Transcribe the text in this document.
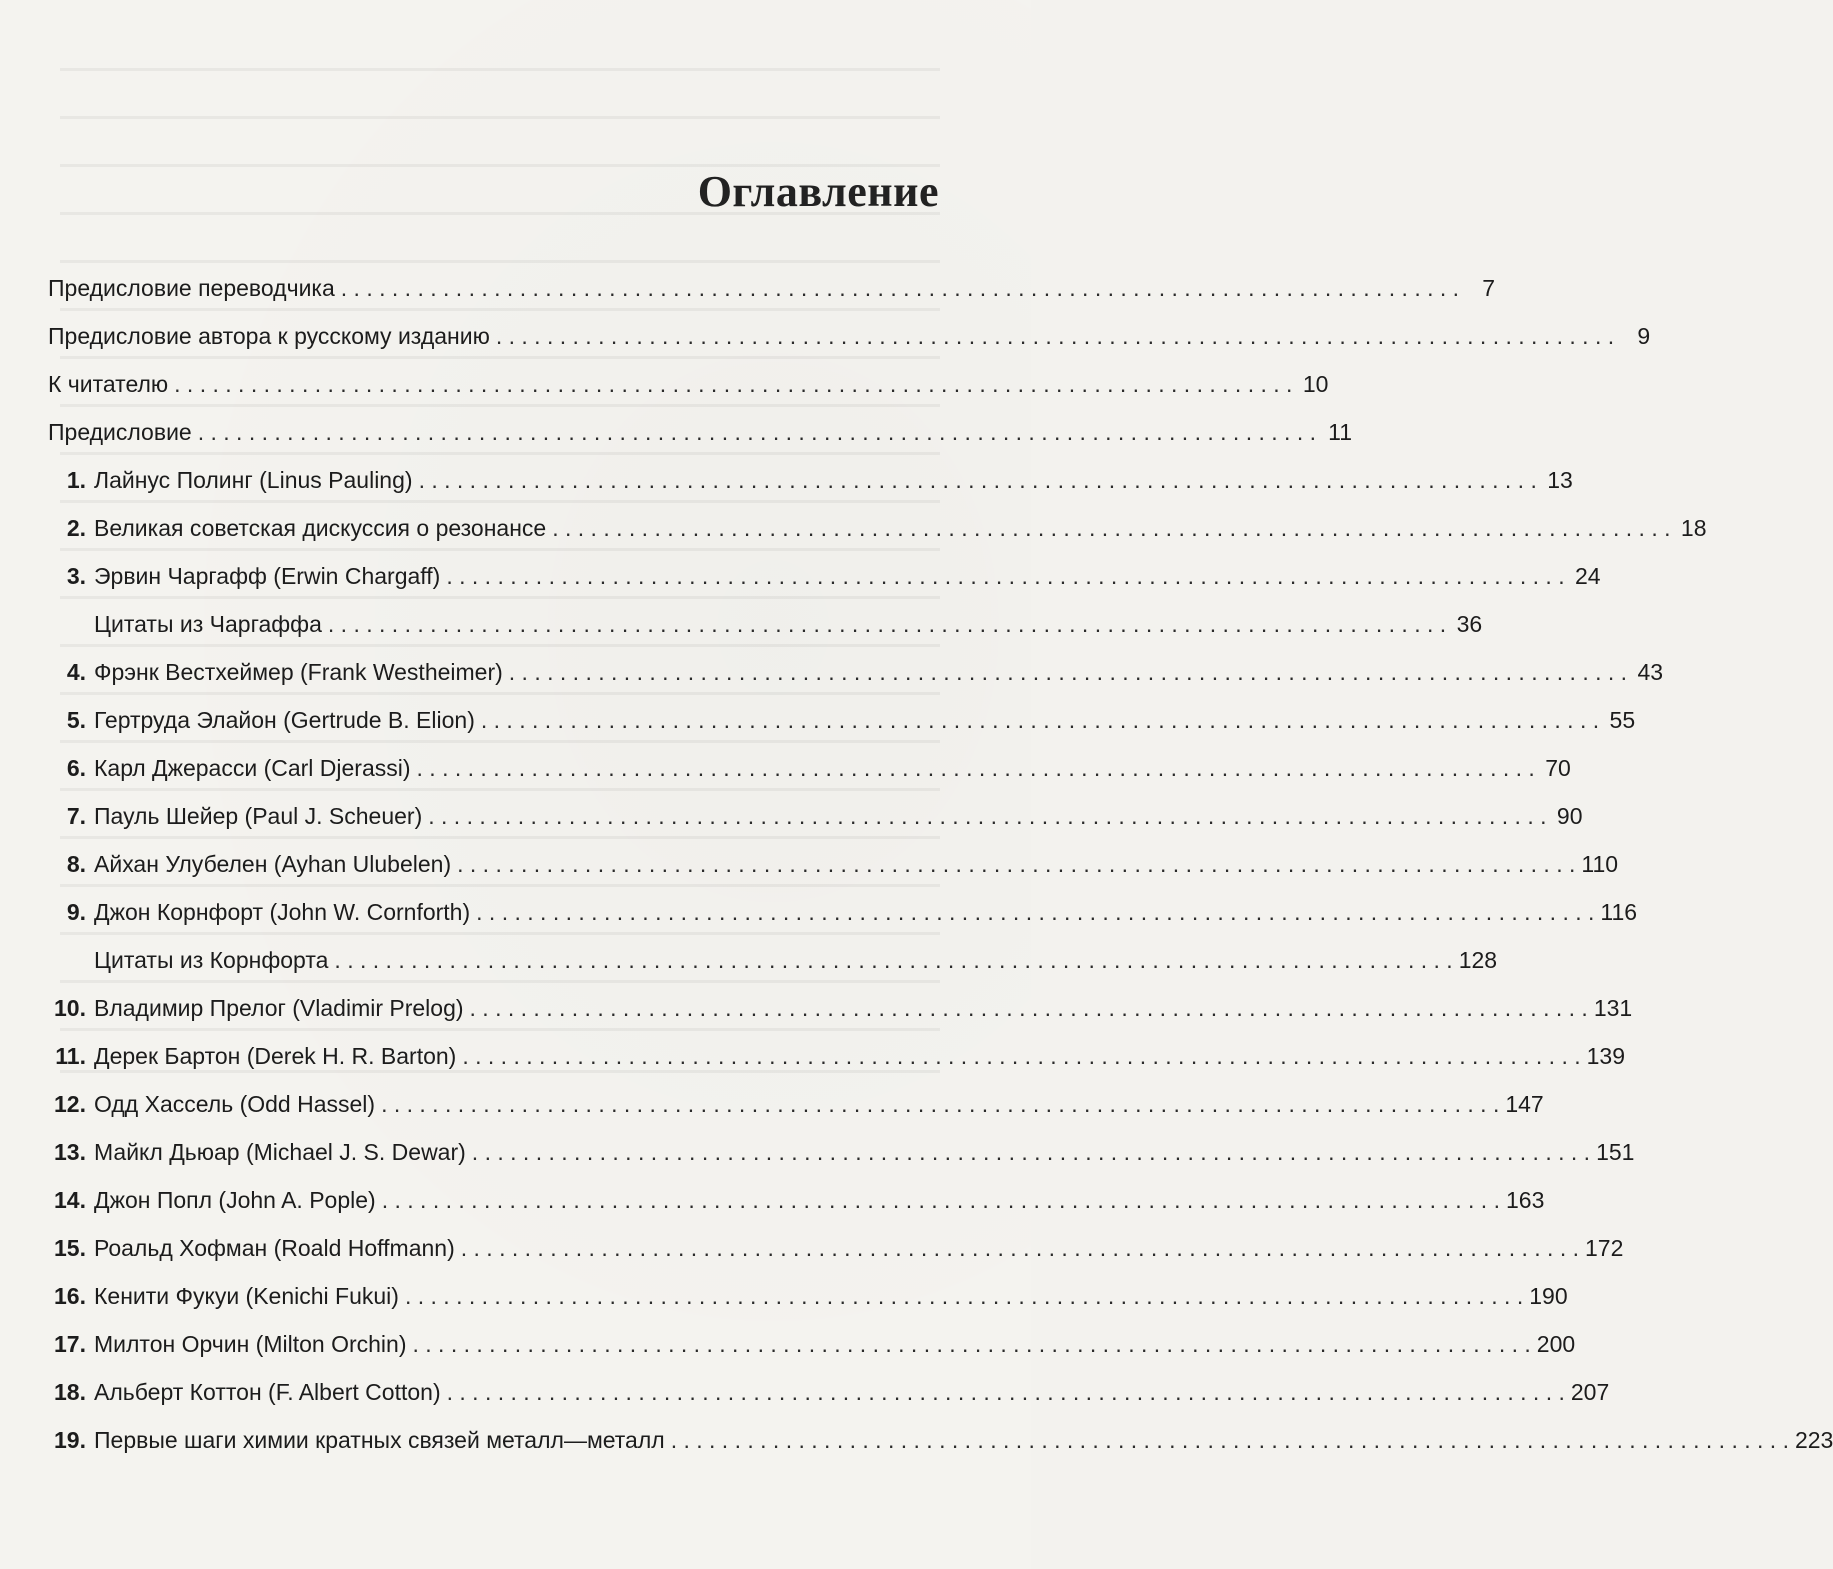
Оглавление
Предисловие переводчика . . .	7
Предисловие автора к русскому изданию . . .	9
К читателю . . .	10
Предисловие . . .	11
1. Лайнус Полинг (Linus Pauling) . . .	13
2. Великая советская дискуссия о резонансе . . .	18
3. Эрвин Чаргафф (Erwin Chargaff) . . .	24
Цитаты из Чаргаффа . . .	36
4. Фрэнк Вестхеймер (Frank Westheimer) . . .	43
5. Гертруда Элайон (Gertrude B. Elion) . . .	55
6. Карл Джерасси (Carl Djerassi) . . .	70
7. Пауль Шейер (Paul J. Scheuer) . . .	90
8. Айхан Улубелен (Ayhan Ulubelen) . . .	110
9. Джон Корнфорт (John W. Cornforth) . . .	116
Цитаты из Корнфорта . . .	128
10. Владимир Прелог (Vladimir Prelog) . . .	131
11. Дерек Бартон (Derek H. R. Barton) . . .	139
12. Одд Хассель (Odd Hassel) . . .	147
13. Майкл Дьюар (Michael J. S. Dewar) . . .	151
14. Джон Попл (John A. Pople) . . .	163
15. Роальд Хофман (Roald Hoffmann) . . .	172
16. Кенити Фукуи (Kenichi Fukui) . . .	190
17. Милтон Орчин (Milton Orchin) . . .	200
18. Альберт Коттон (F. Albert Cotton) . . .	207
19. Первые шаги химии кратных связей металл—металл . . .	223
